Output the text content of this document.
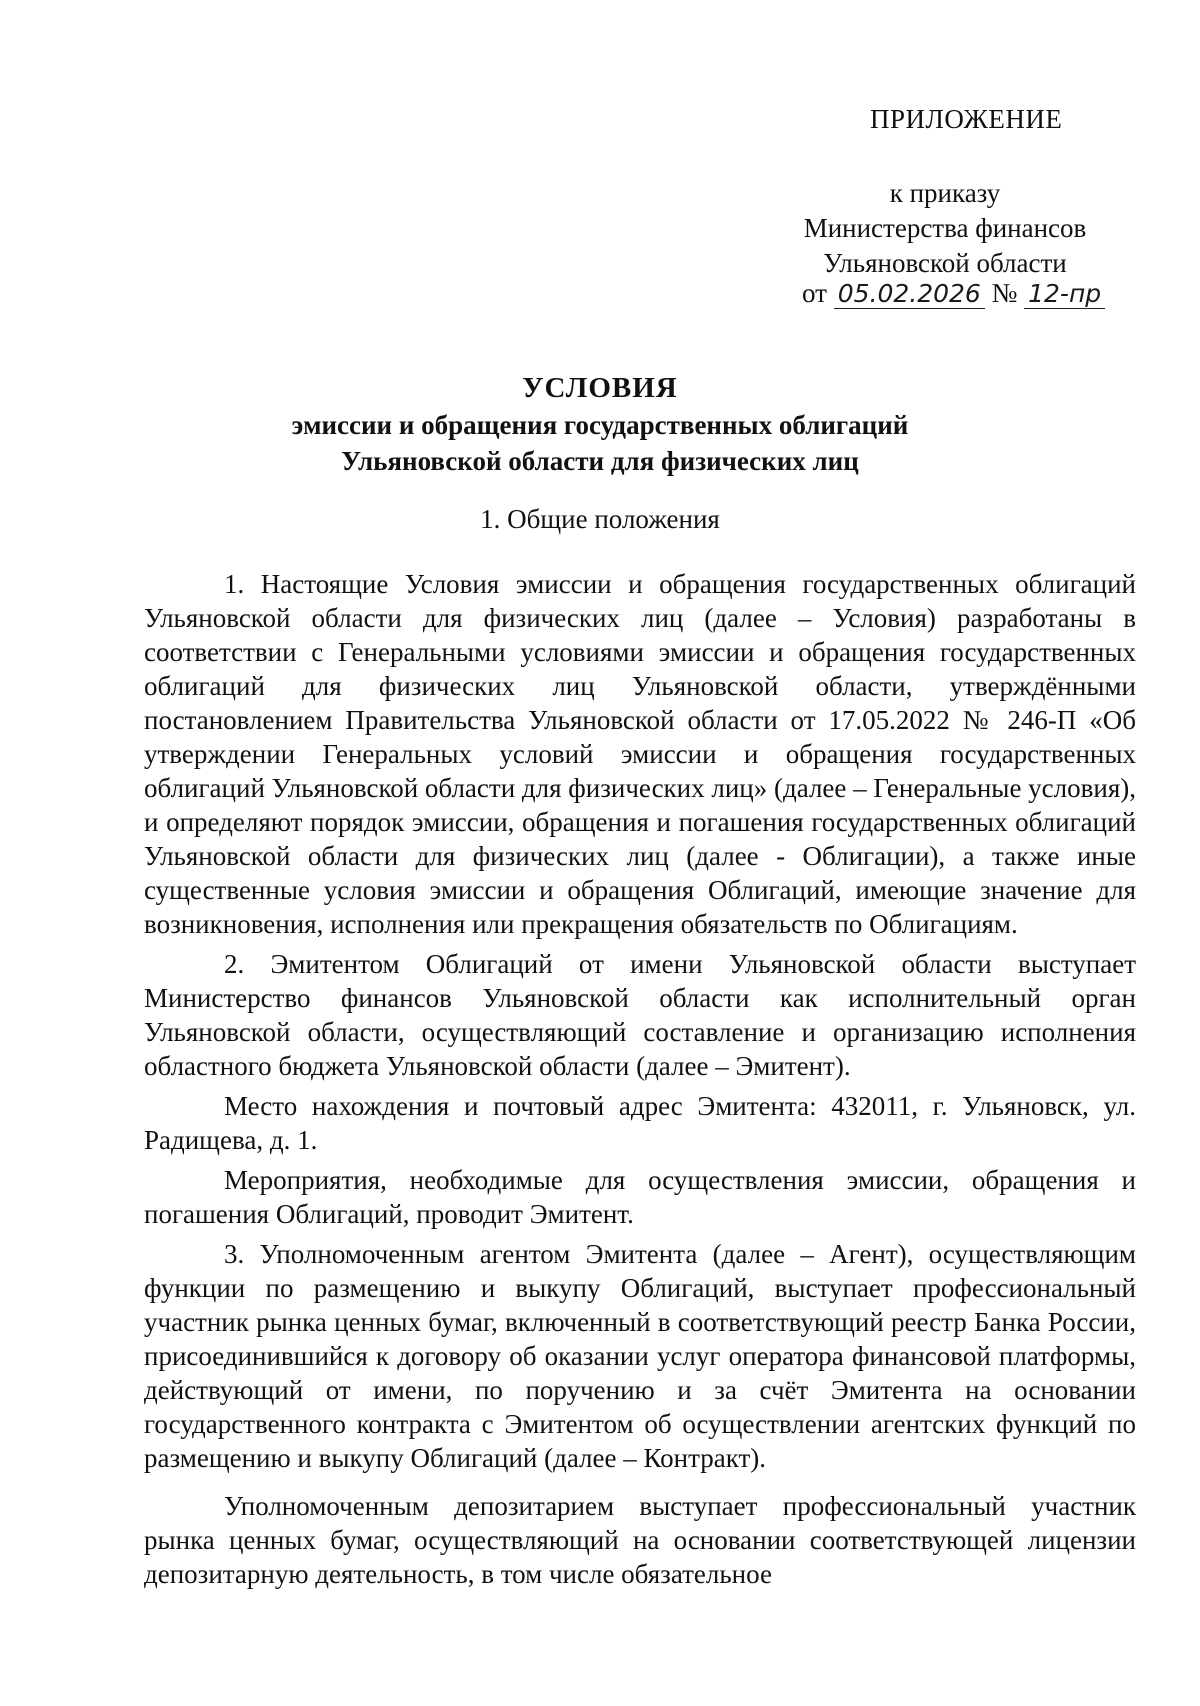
ПРИЛОЖЕНИЕ
к приказу
Министерства финансов
Ульяновской области
от 05.02.2026 № 12-пр
УСЛОВИЯ
эмиссии и обращения государственных облигаций
Ульяновской области для физических лиц
1. Общие положения

1. Настоящие Условия эмиссии и обращения государственных облигаций Ульяновской области для физических лиц (далее – Условия) разработаны в соответствии с Генеральными условиями эмиссии и обращения государственных облигаций для физических лиц Ульяновской области, утверждёнными постановлением Правительства Ульяновской области от 17.05.2022 № 246-П «Об утверждении Генеральных условий эмиссии и обращения государственных облигаций Ульяновской области для физических лиц» (далее – Генеральные условия), и определяют порядок эмиссии, обращения и погашения государственных облигаций Ульяновской области для физических лиц (далее - Облигации), а также иные существенные условия эмиссии и обращения Облигаций, имеющие значение для возникновения, исполнения или прекращения обязательств по Облигациям.

2. Эмитентом Облигаций от имени Ульяновской области выступает Министерство финансов Ульяновской области как исполнительный орган Ульяновской области, осуществляющий составление и организацию исполнения областного бюджета Ульяновской области (далее – Эмитент).

Место нахождения и почтовый адрес Эмитента: 432011, г. Ульяновск, ул. Радищева, д. 1.

Мероприятия, необходимые для осуществления эмиссии, обращения и погашения Облигаций, проводит Эмитент.

3. Уполномоченным агентом Эмитента (далее – Агент), осуществляющим функции по размещению и выкупу Облигаций, выступает профессиональный участник рынка ценных бумаг, включенный в соответствующий реестр Банка России, присоединившийся к договору об оказании услуг оператора финансовой платформы, действующий от имени, по поручению и за счёт Эмитента на основании государственного контракта с Эмитентом об осуществлении агентских функций по размещению и выкупу Облигаций (далее – Контракт).

Уполномоченным депозитарием выступает профессиональный участник рынка ценных бумаг, осуществляющий на основании соответствующей лицензии депозитарную деятельность, в том числе обязательное
